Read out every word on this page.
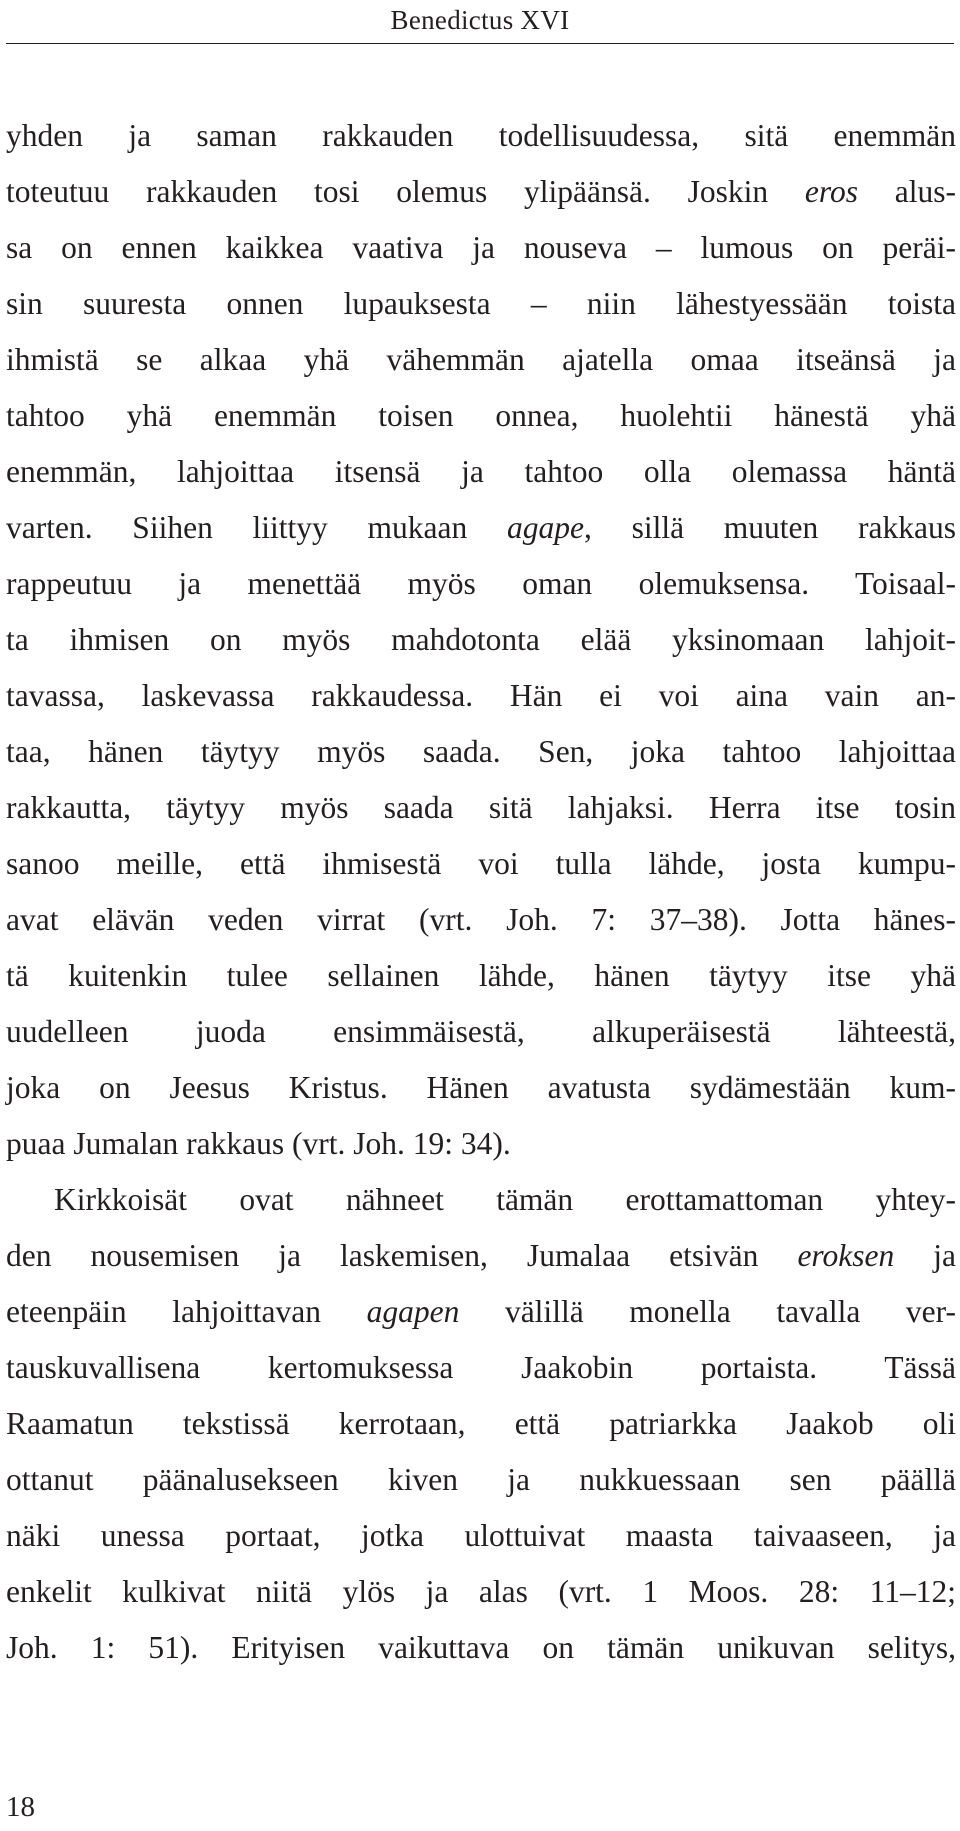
Benedictus XVI
yhden ja saman rakkauden todellisuudessa, sitä enemmän
toteutuu rakkauden tosi olemus ylipäänsä. Joskin eros alus-
sa on ennen kaikkea vaativa ja nouseva – lumous on peräi-
sin suuresta onnen lupauksesta – niin lähestyessään toista
ihmistä se alkaa yhä vähemmän ajatella omaa itseänsä ja
tahtoo yhä enemmän toisen onnea, huolehtii hänestä yhä
enemmän, lahjoittaa itsensä ja tahtoo olla olemassa häntä
varten. Siihen liittyy mukaan agape, sillä muuten rakkaus
rappeutuu ja menettää myös oman olemuksensa. Toisaal-
ta ihmisen on myös mahdotonta elää yksinomaan lahjoit-
tavassa, laskevassa rakkaudessa. Hän ei voi aina vain an-
taa, hänen täytyy myös saada. Sen, joka tahtoo lahjoittaa
rakkautta, täytyy myös saada sitä lahjaksi. Herra itse tosin
sanoo meille, että ihmisestä voi tulla lähde, josta kumpu-
avat elävän veden virrat (vrt. Joh. 7: 37–38). Jotta hänes-
tä kuitenkin tulee sellainen lähde, hänen täytyy itse yhä
uudelleen juoda ensimmäisestä, alkuperäisestä lähteestä,
joka on Jeesus Kristus. Hänen avatusta sydämestään kum-
puaa Jumalan rakkaus (vrt. Joh. 19: 34).
Kirkkoisät ovat nähneet tämän erottamattoman yhtey-
den nousemisen ja laskemisen, Jumalaa etsivän eroksen ja
eteenpäin lahjoittavan agapen välillä monella tavalla ver-
tauskuvallisena kertomuksessa Jaakobin portaista. Tässä
Raamatun tekstissä kerrotaan, että patriarkka Jaakob oli
ottanut päänalusekseen kiven ja nukkuessaan sen päällä
näki unessa portaat, jotka ulottuivat maasta taivaaseen, ja
enkelit kulkivat niitä ylös ja alas (vrt. 1 Moos. 28: 11–12;
Joh. 1: 51). Erityisen vaikuttava on tämän unikuvan selitys,
18
